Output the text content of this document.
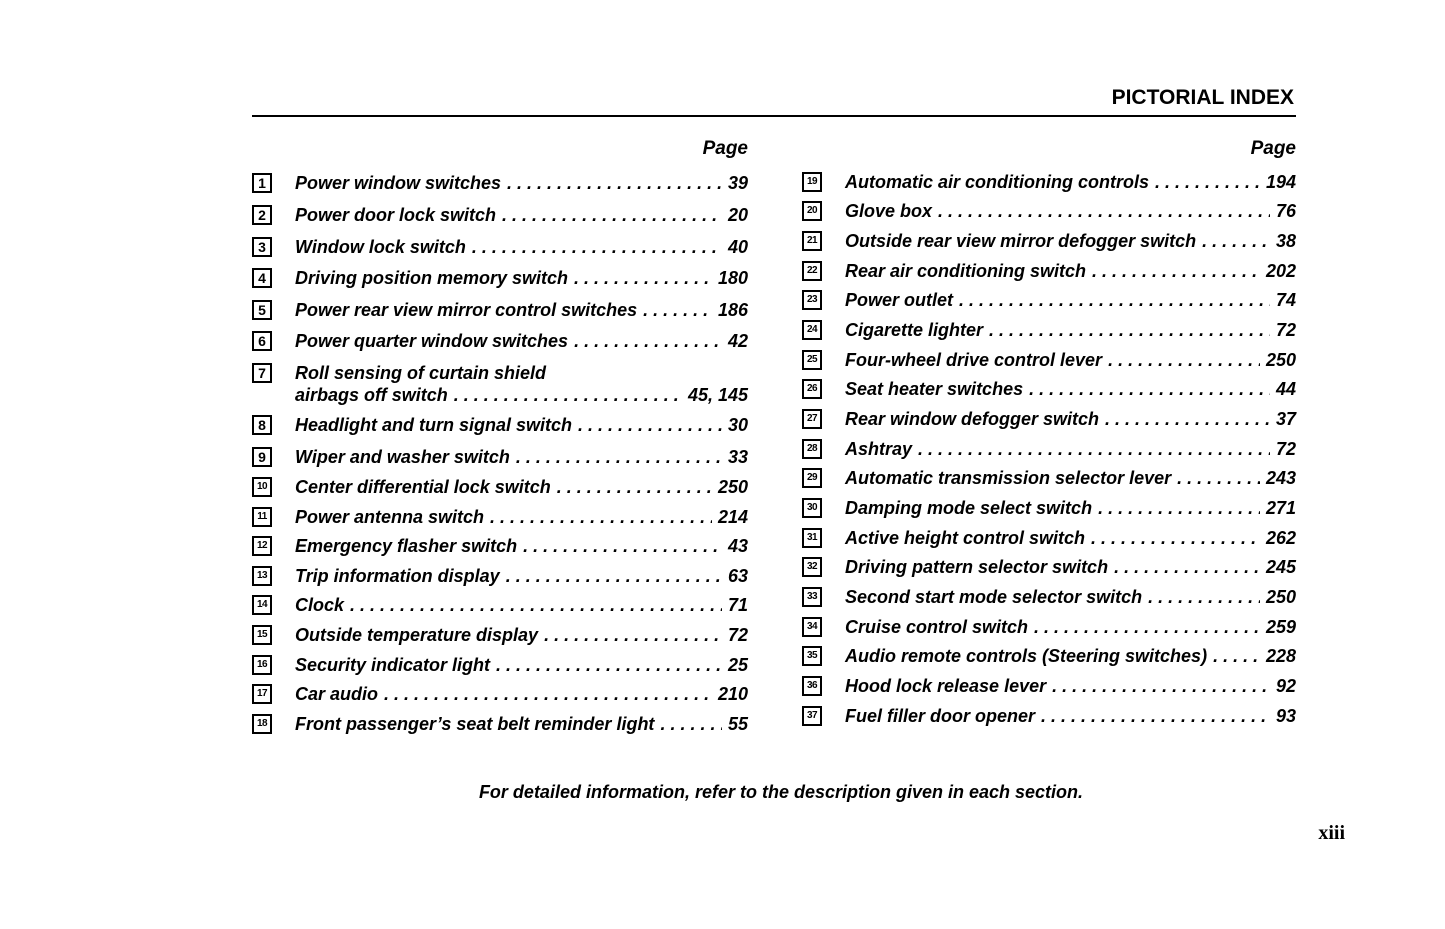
PICTORIAL INDEX
Page
1	Power window switches . . .	39
2	Power door lock switch . . .	20
3	Window lock switch . . .	40
4	Driving position memory switch . . .	180
5	Power rear view mirror control switches . . .	186
6	Power quarter window switches . . .	42
7	Roll sensing of curtain shield
airbags off switch . . .	45, 145
8	Headlight and turn signal switch . . .	30
9	Wiper and washer switch . . .	33
10 Center differential lock switch . . .	250
11 Power antenna switch . . .	214
12 Emergency flasher switch . . .	43
13 Trip information display . . .	63
14 Clock . . .	71
15 Outside temperature display . . .	72
16 Security indicator light . . .	25
17 Car audio . . .	210
18 Front passenger’s seat belt reminder light . . .	55
Page
19 Automatic air conditioning controls . . .	194
20 Glove box . . .	76
21 Outside rear view mirror defogger switch . . .	38
22 Rear air conditioning switch . . .	202
23 Power outlet . . .	74
24 Cigarette lighter . . .	72
25 Four-wheel drive control lever . . .	250
26 Seat heater switches . . .	44
27 Rear window defogger switch . . .	37
28 Ashtray . . .	72
29 Automatic transmission selector lever . . .	243
30 Damping mode select switch . . .	271
31 Active height control switch . . .	262
32 Driving pattern selector switch . . .	245
33 Second start mode selector switch . . .	250
34 Cruise control switch . . .	259
35 Audio remote controls (Steering switches) . . .	228
36 Hood lock release lever . . .	92
37 Fuel filler door opener . . .	93
For detailed information, refer to the description given in each section.
xiii
